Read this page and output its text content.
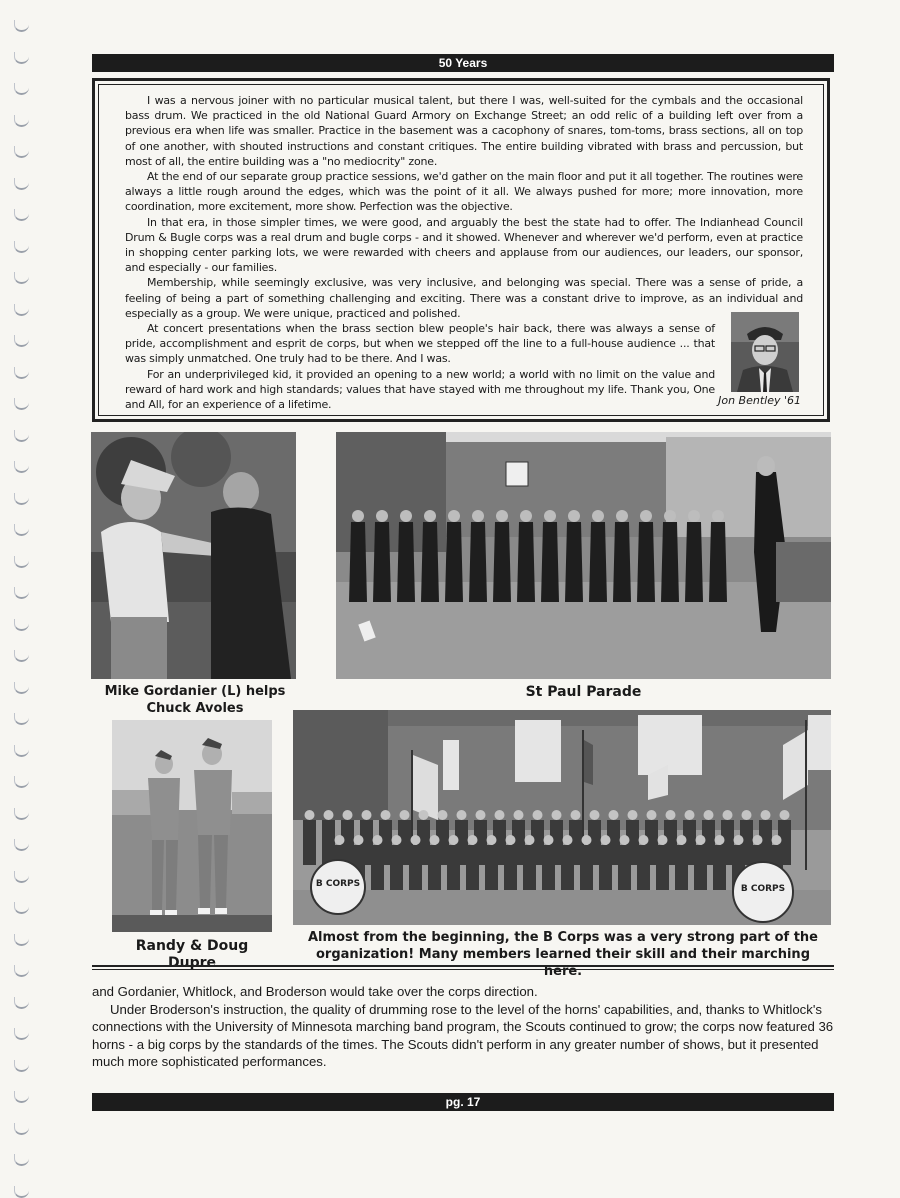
50 Years

I was a nervous joiner with no particular musical talent, but there I was, well-suited for the cymbals and the occasional bass drum. We practiced in the old National Guard Armory on Exchange Street; an odd relic of a building left over from a previous era when life was smaller. Practice in the basement was a cacophony of snares, tom-toms, brass sections, all on top of one another, with shouted instructions and constant critiques. The entire building vibrated with brass and percussion, but most of all, the entire building was a "no mediocrity" zone.

At the end of our separate group practice sessions, we'd gather on the main floor and put it all together. The routines were always a little rough around the edges, which was the point of it all. We always pushed for more; more innovation, more coordination, more excitement, more show. Perfection was the objective.

In that era, in those simpler times, we were good, and arguably the best the state had to offer. The Indianhead Council Drum & Bugle corps was a real drum and bugle corps - and it showed. Whenever and wherever we'd perform, even at practice in shopping center parking lots, we were rewarded with cheers and applause from our audiences, our leaders, our sponsor, and especially - our families.

Membership, while seemingly exclusive, was very inclusive, and belonging was special. There was a sense of pride, a feeling of being a part of something challenging and exciting. There was a constant drive to improve, as an individual and especially as a group. We were unique, practiced and polished.

At concert presentations when the brass section blew people's hair back, there was always a sense of pride, accomplishment and esprit de corps, but when we stepped off the line to a full-house audience ... that was simply unmatched. One truly had to be there. And I was.

For an underprivileged kid, it provided an opening to a new world; a world with no limit on the value and reward of hard work and high standards; values that have stayed with me throughout my life. Thank you, One and All, for an experience of a lifetime.	Jon Bentley '61
Mike Gordanier (L) helps Chuck Avoles
St Paul Parade
B CORPS	B CORPS
Randy & Doug Dupre
Almost from the beginning, the B Corps was a very strong part of the organization! Many members learned their skill and their marching here.

and Gordanier, Whitlock, and Broderson would take over the corps direction.

Under Broderson's instruction, the quality of drumming rose to the level of the horns' capabilities, and, thanks to Whitlock's connections with the University of Minnesota marching band program, the Scouts continued to grow; the corps now featured 36 horns - a big corps by the standards of the times. The Scouts didn't perform in any greater number of shows, but it presented much more sophisticated performances.

pg. 17
